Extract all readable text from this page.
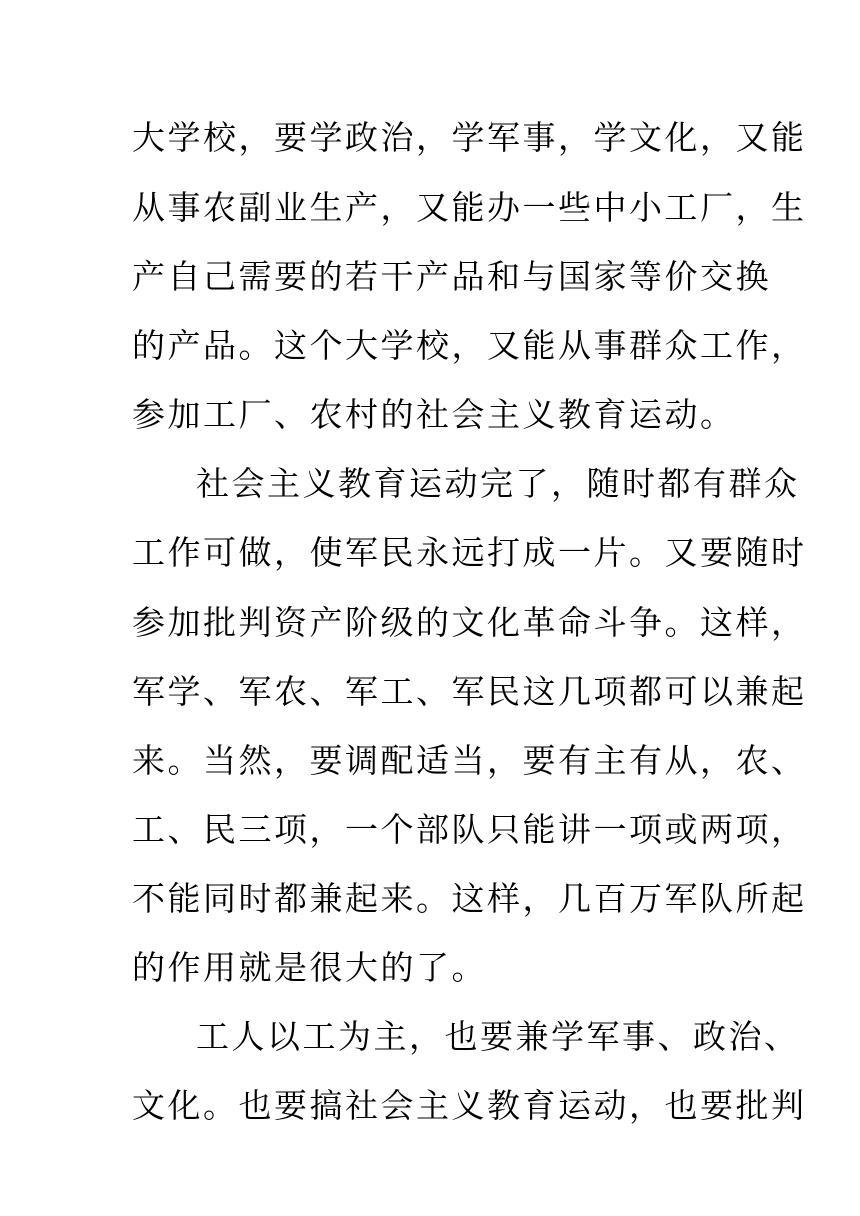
大学校，要学政治，学军事，学文化，又能
从事农副业生产，又能办一些中小工厂，生
产自己需要的若干产品和与国家等价交换
的产品。这个大学校，又能从事群众工作，
参加工厂、农村的社会主义教育运动。
社会主义教育运动完了，随时都有群众
工作可做，使军民永远打成一片。又要随时
参加批判资产阶级的文化革命斗争。这样，
军学、军农、军工、军民这几项都可以兼起
来。当然，要调配适当，要有主有从，农、
工、民三项，一个部队只能讲一项或两项，
不能同时都兼起来。这样，几百万军队所起
的作用就是很大的了。
工人以工为主，也要兼学军事、政治、
文化。也要搞社会主义教育运动，也要批判
